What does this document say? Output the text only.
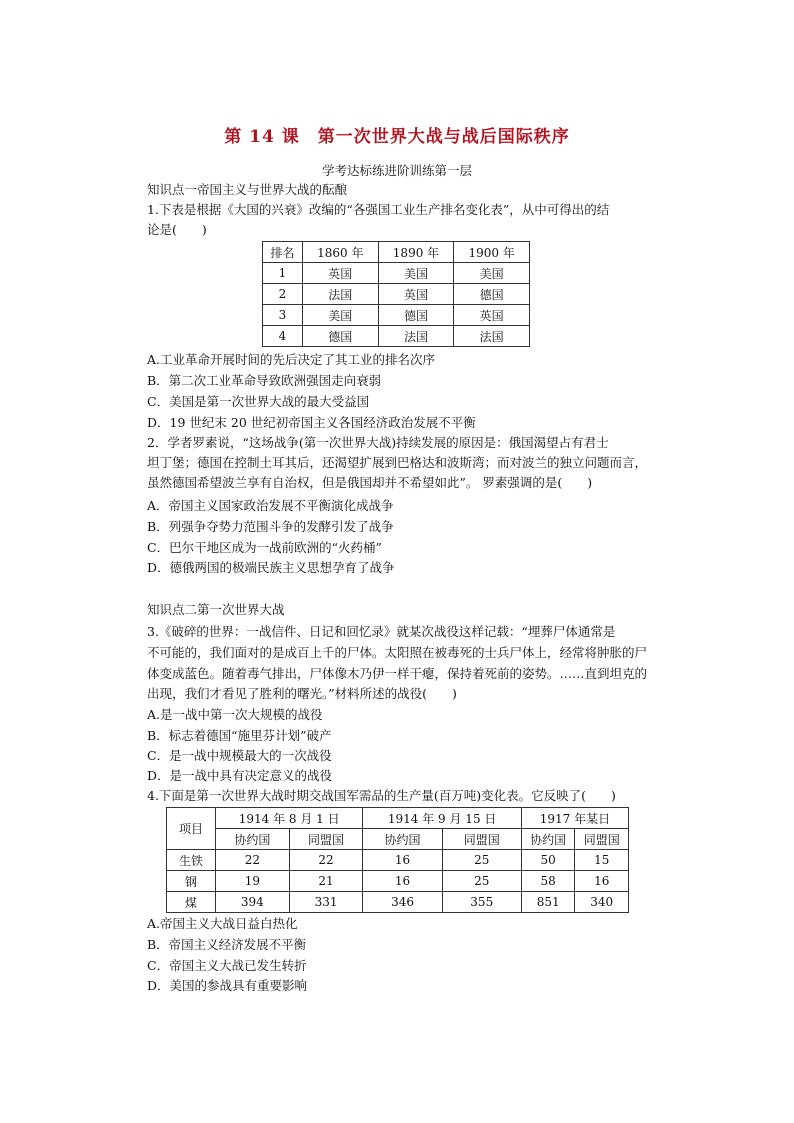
第 14 课　第一次世界大战与战后国际秩序
学考达标练进阶训练第一层
知识点一帝国主义与世界大战的酝酿
1.下表是根据《大国的兴衰》改编的“各强国工业生产排名变化表”，从中可得出的结
论是(　　)
排名	1860 年	1890 年	1900 年
1	英国	美国	美国
2	法国	英国	德国
3	美国	德国	英国
4	德国	法国	法国
A.工业革命开展时间的先后决定了其工业的排名次序
B．第二次工业革命导致欧洲强国走向衰弱
C．美国是第一次世界大战的最大受益国
D．19 世纪末 20 世纪初帝国主义各国经济政治发展不平衡
2．学者罗素说，“这场战争(第一次世界大战)持续发展的原因是：俄国渴望占有君士
坦丁堡；德国在控制土耳其后，还渴望扩展到巴格达和波斯湾；而对波兰的独立问题而言，
虽然德国希望波兰享有自治权，但是俄国却并不希望如此”。 罗素强调的是(　　)
A．帝国主义国家政治发展不平衡演化成战争
B．列强争夺势力范围斗争的发酵引发了战争
C．巴尔干地区成为一战前欧洲的“火药桶”
D．德俄两国的极端民族主义思想孕育了战争
知识点二第一次世界大战
3.《破碎的世界：一战信件、日记和回忆录》就某次战役这样记载：“埋葬尸体通常是
不可能的，我们面对的是成百上千的尸体。太阳照在被毒死的士兵尸体上，经常将肿胀的尸
体变成蓝色。随着毒气排出，尸体像木乃伊一样干瘪，保持着死前的姿势。……直到坦克的
出现，我们才看见了胜利的曙光。”材料所述的战役(　　)
A.是一战中第一次大规模的战役
B．标志着德国“施里芬计划”破产
C．是一战中规模最大的一次战役
D．是一战中具有决定意义的战役
4.下面是第一次世界大战时期交战国军需品的生产量(百万吨)变化表。它反映了(　　)
项目	1914 年 8 月 1 日		1914 年 9 月 15 日		1917 年某日	
	协约国	同盟国	协约国	同盟国	协约国	同盟国
生铁	22	22	16	25	50	15
钢	19	21	16	25	58	16
煤	394	331	346	355	851	340
A.帝国主义大战日益白热化
B．帝国主义经济发展不平衡
C．帝国主义大战已发生转折
D．美国的参战具有重要影响
